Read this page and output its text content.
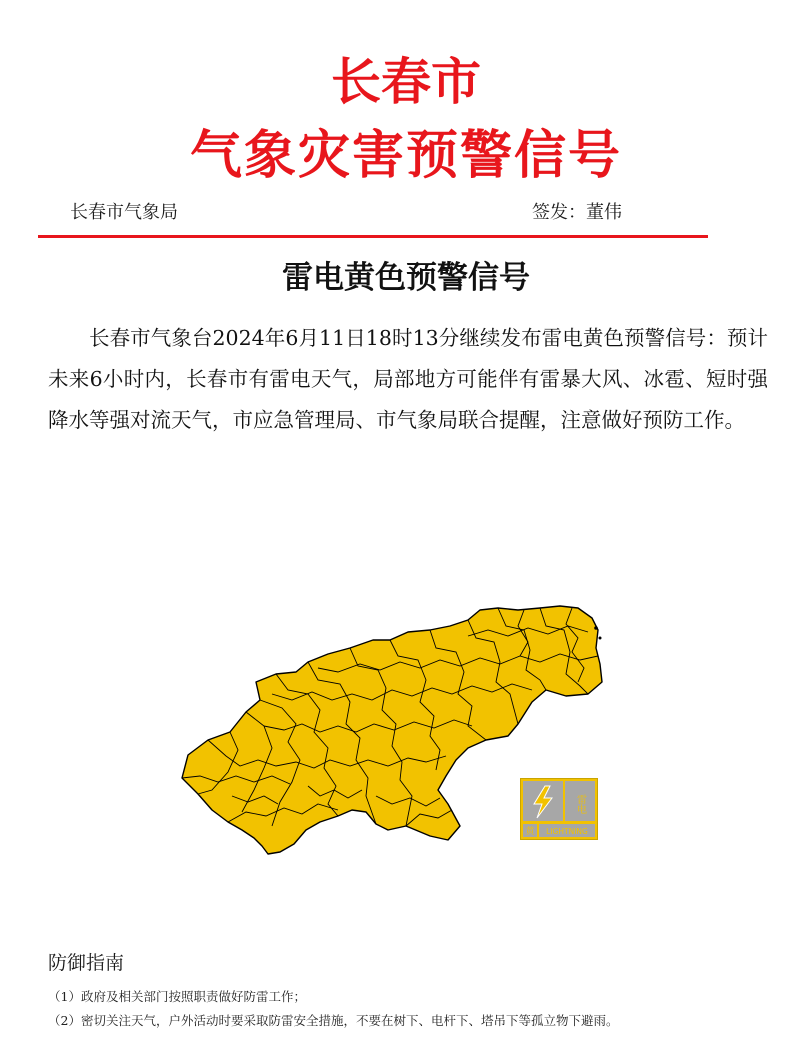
长春市
气象灾害预警信号
长春市气象局	签发：董伟
雷电黄色预警信号
长春市气象台2024年6月11日18时13分继续发布雷电黄色预警信号：预计未来6小时内，长春市有雷电天气，局部地方可能伴有雷暴大风、冰雹、短时强降水等强对流天气，市应急管理局、市气象局联合提醒，注意做好预防工作。
雷电
黄 LIGHTNING
防御指南
（1）政府及相关部门按照职责做好防雷工作；
（2）密切关注天气，户外活动时要采取防雷安全措施，不要在树下、电杆下、塔吊下等孤立物下避雨。
